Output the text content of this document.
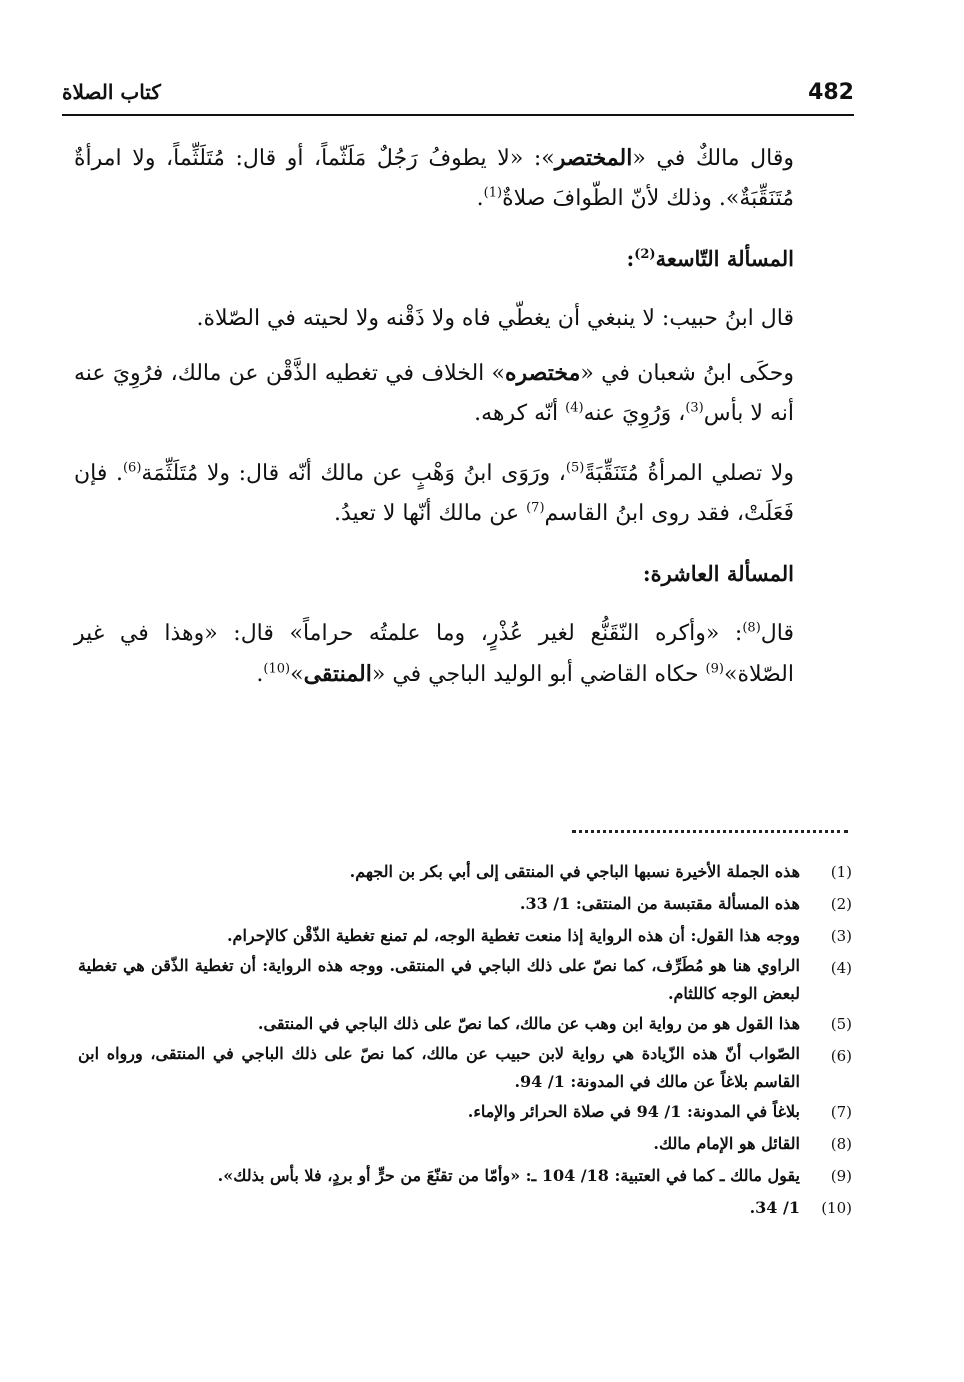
482
كتاب الصلاة

وقال مالكٌ في «المختصر»: «لا يطوفُ رَجُلٌ مَلَثّماً، أو قال: مُتَلَثِّماً، ولا امرأةٌ مُتَنَقِّبَةٌ». وذلك لأنّ الطّوافَ صلاةٌ$^{(1)}$.

المسألة التّاسعة$^{(2)}$:

قال ابنُ حبيب: لا ينبغي أن يغطّي فاه ولا ذَقْنه ولا لحيته في الصّلاة.

وحكَى ابنُ شعبان في «مختصره» الخلاف في تغطيه الذَّقْن عن مالك، فرُوِيَ عنه أنه لا بأس$^{(3)}$، وَرُوِيَ عنه$^{(4)}$ أنّه كرهه.

ولا تصلي المرأةُ مُتَنَقِّبَةً$^{(5)}$، ورَوَى ابنُ وَهْبٍ عن مالك أنّه قال: ولا مُتَلَثِّمَة$^{(6)}$. فإن فَعَلَتْ، فقد روى ابنُ القاسم$^{(7)}$ عن مالك أنّها لا تعيدُ.

المسألة العاشرة:

قال$^{(8)}$: «وأكره النّقَنُّع لغير عُذْرٍ، وما علمتُه حراماً» قال: «وهذا في غير الصّلاة»$^{(9)}$ حكاه القاضي أبو الوليد الباجي في «المنتقى»$^{(10)}$.

(1)
هذه الجملة الأخيرة نسبها الباجي في المنتقى إلى أبي بكر بن الجهم.
(2)
هذه المسألة مقتبسة من المنتقى: 1/ 33.
(3)
ووجه هذا القول: أن هذه الرواية إذا منعت تغطية الوجه، لم تمنع تغطية الذّقْن كالإحرام.
(4)
الراوي هنا هو مُطَرِّف، كما نصّ على ذلك الباجي في المنتقى. ووجه هذه الرواية: أن تغطية الذّقن هي تغطية لبعض الوجه كاللثام.
(5)
هذا القول هو من رواية ابن وهب عن مالك، كما نصّ على ذلك الباجي في المنتقى.
(6)
الصّواب أنّ هذه الزّيادة هي رواية لابن حبيب عن مالك، كما نصّ على ذلك الباجي في المنتقى، ورواه ابن القاسم بلاغاً عن مالك في المدونة: 1/ 94.
(7)
بلاغاً في المدونة: 1/ 94 في صلاة الحرائر والإماء.
(8)
القائل هو الإمام مالك.
(9)
يقول مالك ـ كما في العتبية: 18/ 104 ـ: «وأمّا من تقنّعَ من حرٍّ أو بردٍ، فلا بأس بذلك».
(10)
1/ 34.
